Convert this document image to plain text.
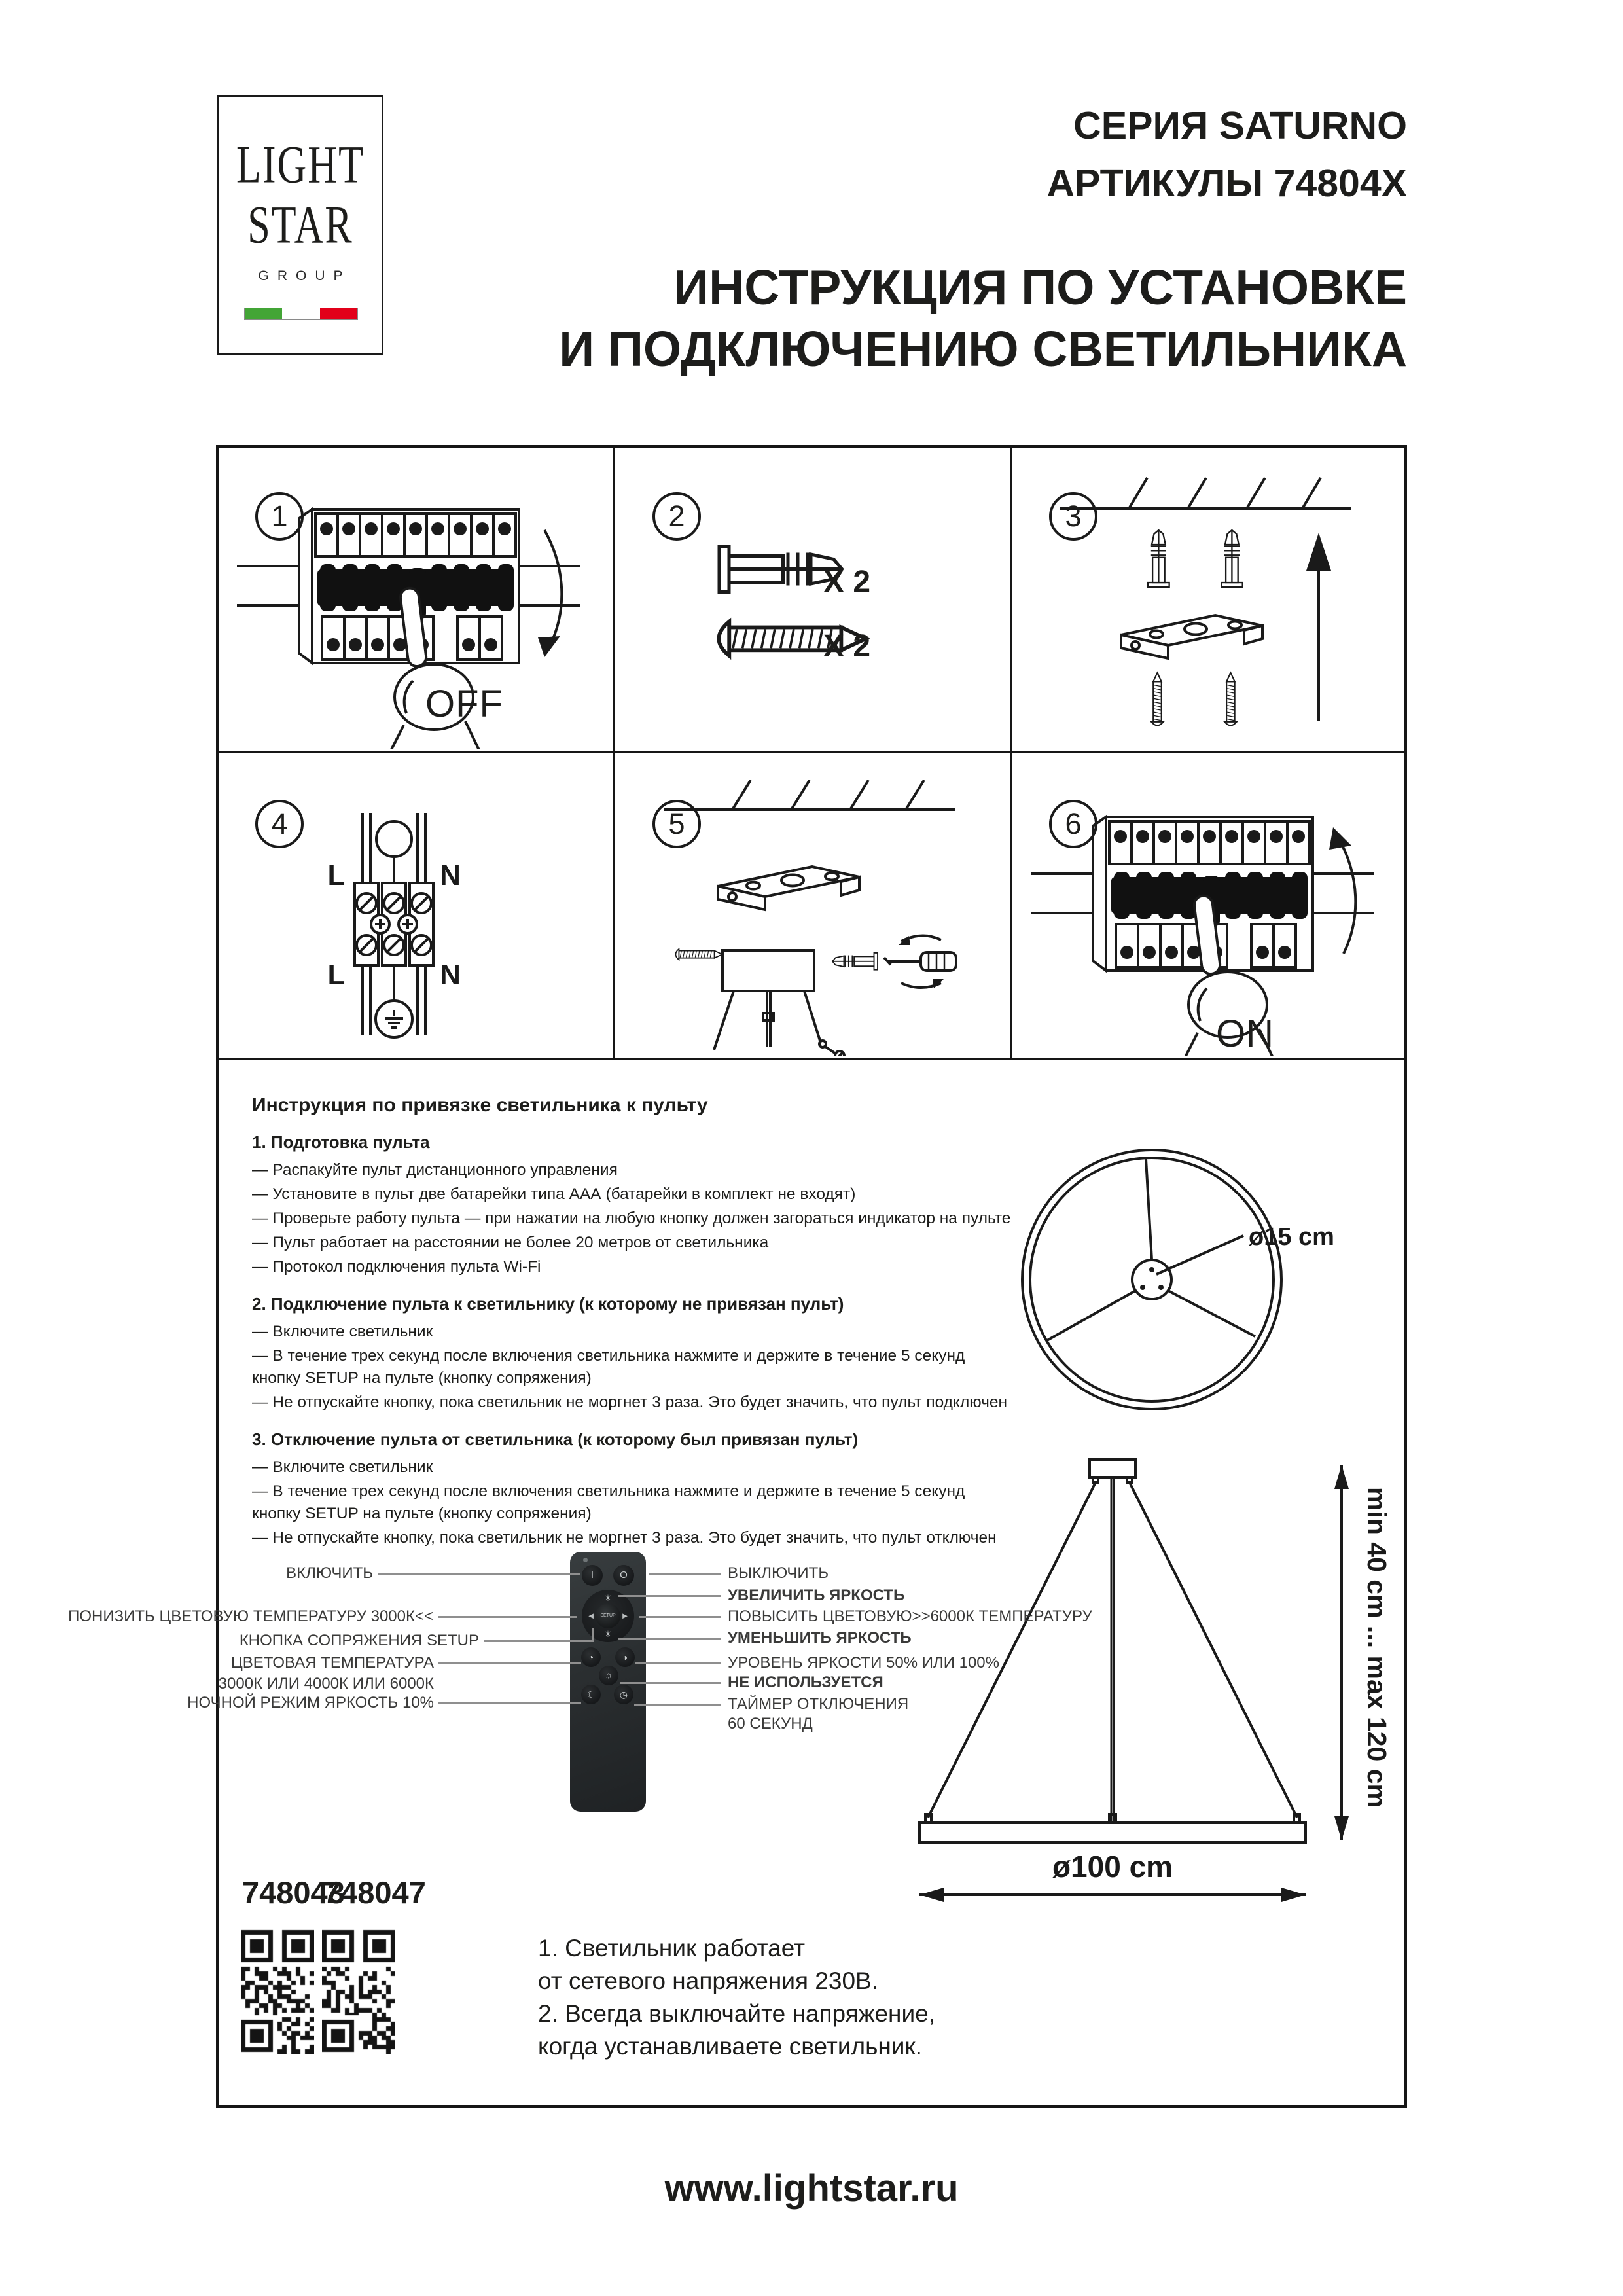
LIGHT
STAR
GROUP
СЕРИЯ SATURNO
АРТИКУЛЫ 74804Х
ИНСТРУКЦИЯ ПО УСТАНОВКЕ
И ПОДКЛЮЧЕНИЮ СВЕТИЛЬНИКА
1
OFF
2
X 2
X 2
3
L	N
L	N
4	5	6
ON
Инструкция по привязке светильника к пульту
1. Подготовка пульта
— Распакуйте пульт дистанционного управления
— Установите в пульт две батарейки типа ААА (батарейки в комплект не входят)
— Проверьте работу пульта — при нажатии на любую кнопку должен загораться индикатор на пульте
— Пульт работает на расстоянии не более 20 метров от светильника
— Протокол подключения пульта Wi-Fi
2. Подключение пульта к светильнику (к которому не привязан пульт)
— Включите светильник
— В течение трех секунд после включения светильника нажмите и держите в течение 5 секунд кнопку SETUP на пульте (кнопку сопряжения)
— Не отпускайте кнопку, пока светильник не моргнет 3 раза. Это будет значить, что пульт подключен
3. Отключение пульта от светильника (к которому был привязан пульт)
— Включите светильник
— В течение трех секунд после включения светильника нажмите и держите в течение 5 секунд кнопку SETUP на пульте (кнопку сопряжения)
— Не отпускайте кнопку, пока светильник не моргнет 3 раза. Это будет значить, что пульт отключен
ø15 cm
ø100 cm
min 40 cm ... max 120 cm
I	O
☀
☀
◄	►
SETUP
◔	◑
☼
☾	◷
ВКЛЮЧИТЬ
ПОНИЗИТЬ ЦВЕТОВУЮ ТЕМПЕРАТУРУ 3000К<<
КНОПКА СОПРЯЖЕНИЯ SETUP
ЦВЕТОВАЯ ТЕМПЕРАТУРА
3000К ИЛИ 4000К ИЛИ 6000К
НОЧНОЙ РЕЖИМ ЯРКОСТЬ 10%
ВЫКЛЮЧИТЬ
УВЕЛИЧИТЬ ЯРКОСТЬ
ПОВЫСИТЬ ЦВЕТОВУЮ>>6000К ТЕМПЕРАТУРУ
УМЕНЬШИТЬ ЯРКОСТЬ
УРОВЕНЬ ЯРКОСТИ 50% ИЛИ 100%
НЕ ИСПОЛЬЗУЕТСЯ
ТАЙМЕР ОТКЛЮЧЕНИЯ
60 СЕКУНД
748043
748047
1. Светильник работает
от сетевого напряжения 230В.
2. Всегда выключайте напряжение,
когда устанавливаете светильник.
www.lightstar.ru
